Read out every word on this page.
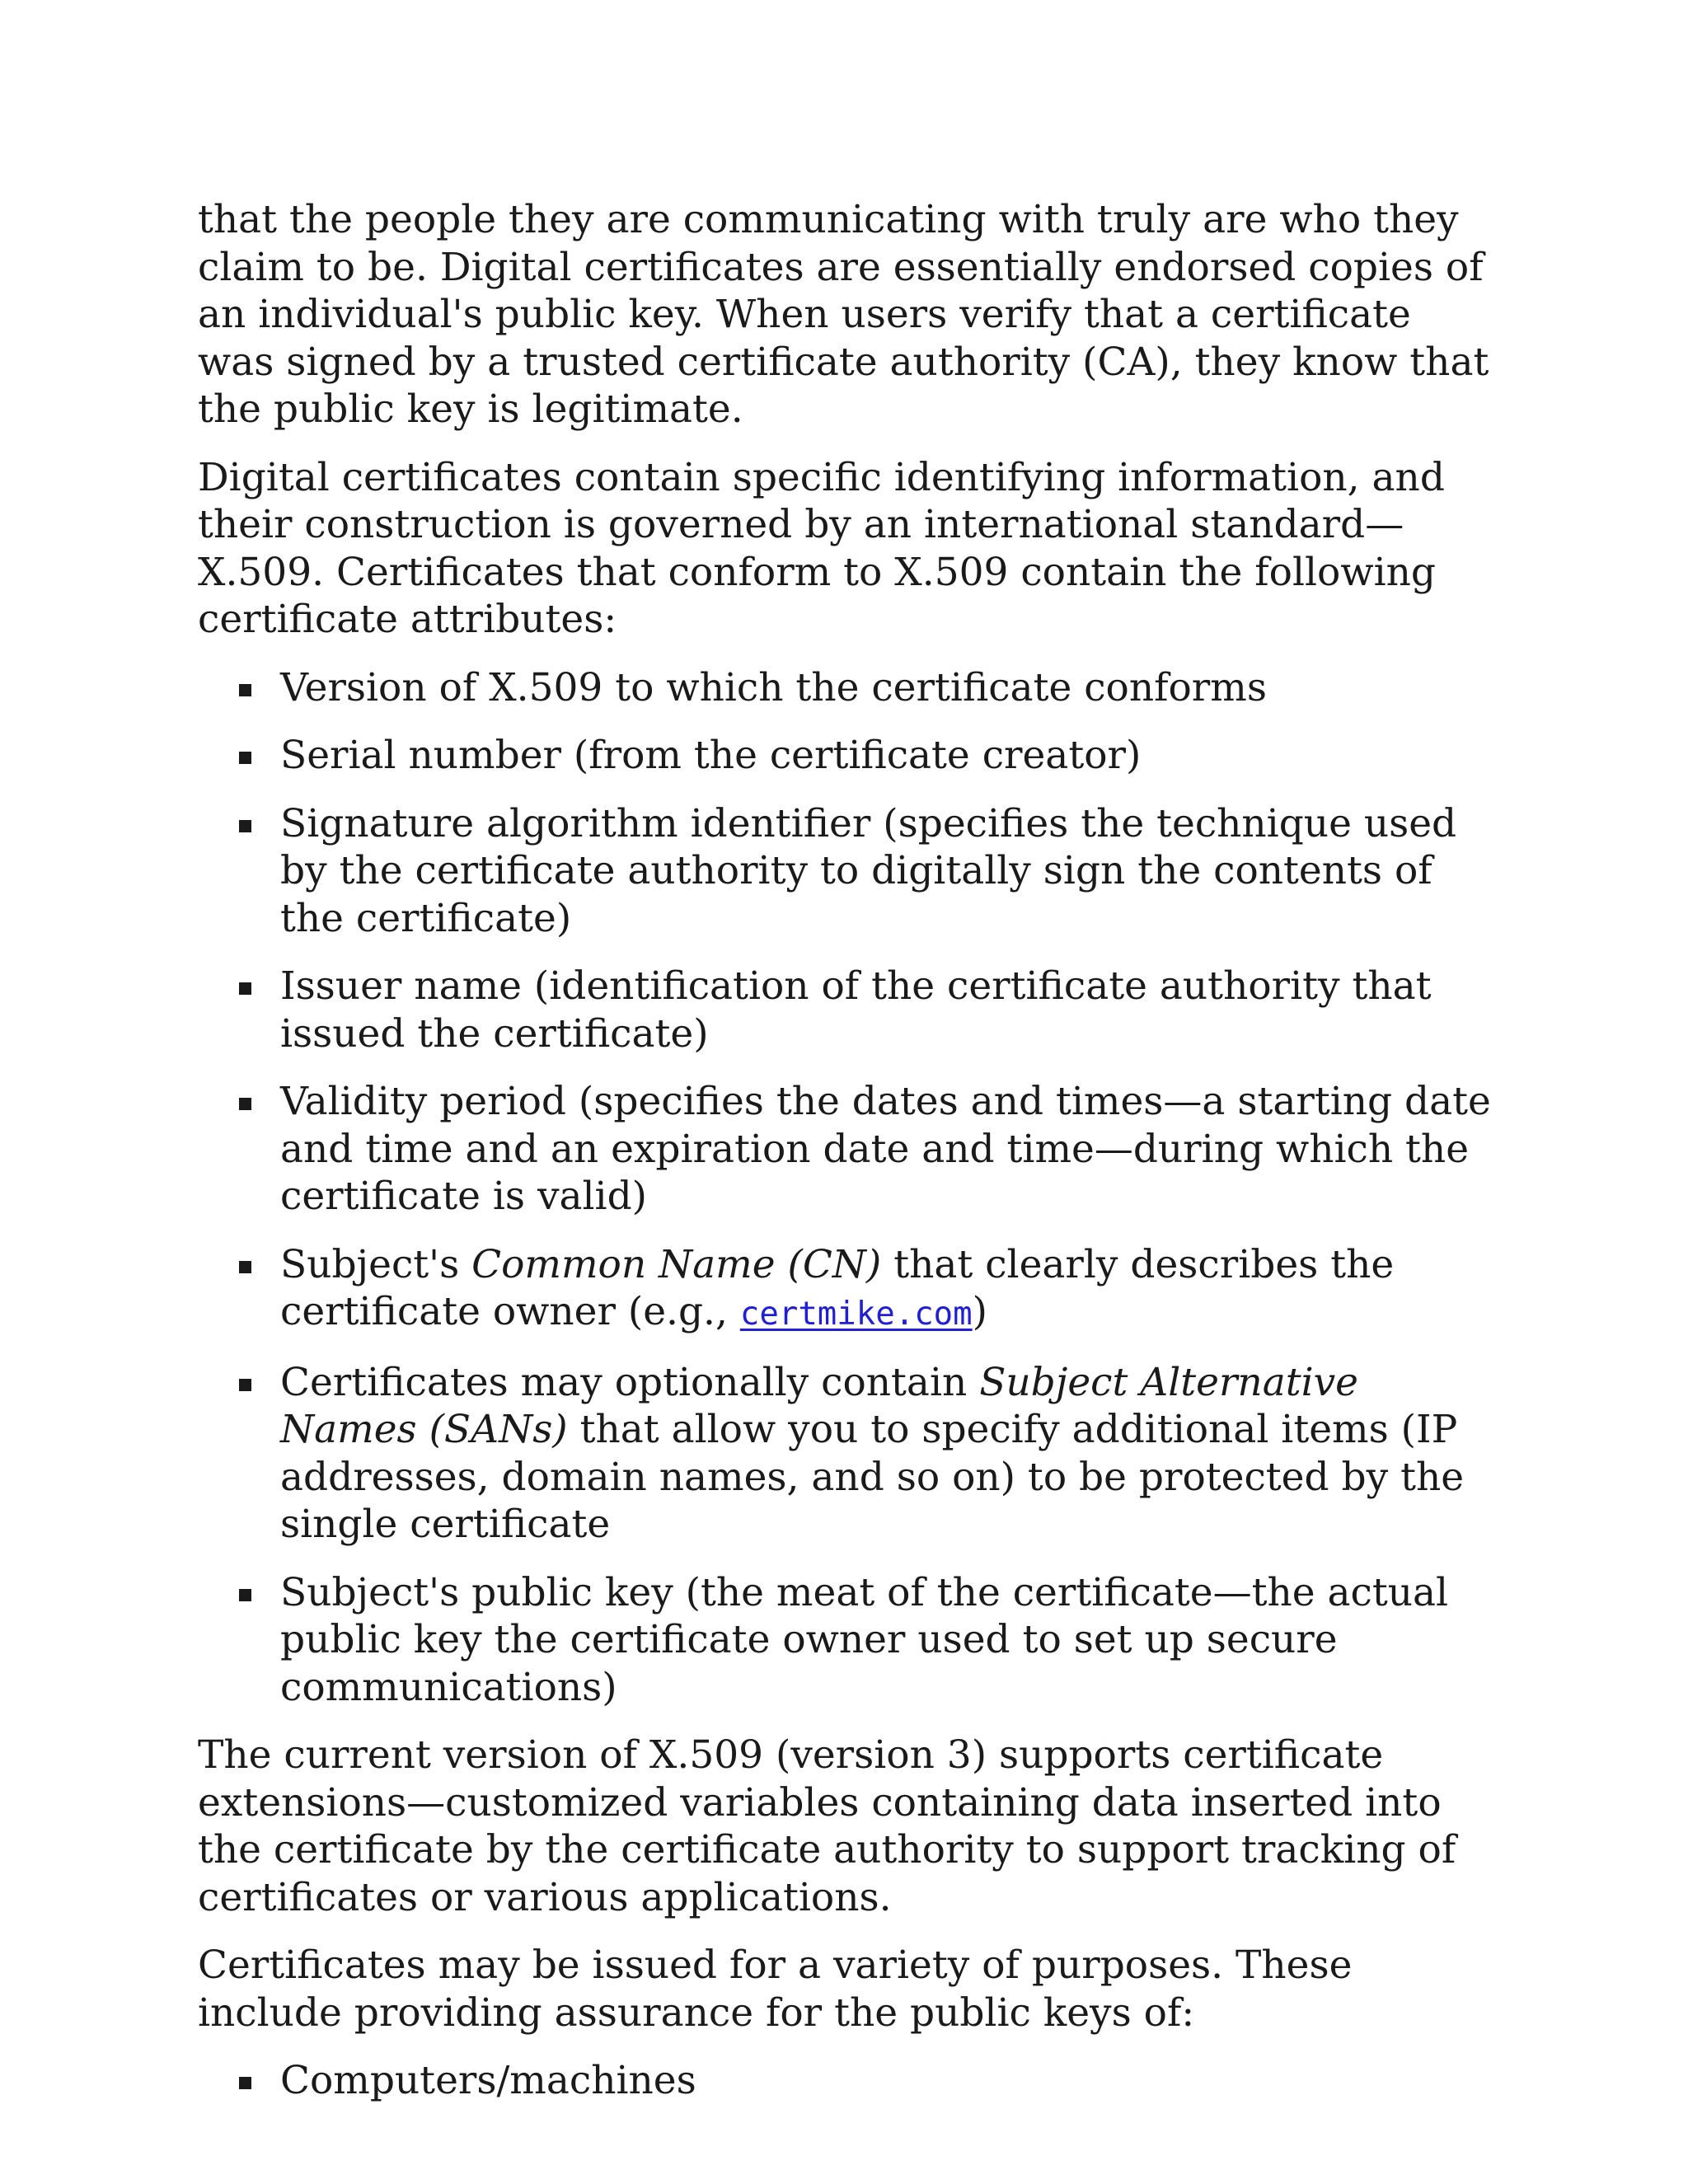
that the people they are communicating with truly are who they claim to be. Digital certificates are essentially endorsed copies of an individual's public key. When users verify that a certificate was signed by a trusted certificate authority (CA), they know that the public key is legitimate.

Digital certificates contain specific identifying information, and their construction is governed by an international standard—X.509. Certificates that conform to X.509 contain the following certificate attributes:

Version of X.509 to which the certificate conforms
Serial number (from the certificate creator)
Signature algorithm identifier (specifies the technique used by the certificate authority to digitally sign the contents of the certificate)
Issuer name (identification of the certificate authority that issued the certificate)
Validity period (specifies the dates and times—a starting date and time and an expiration date and time—during which the certificate is valid)
Subject's Common Name (CN) that clearly describes the certificate owner (e.g., certmike.com)
Certificates may optionally contain Subject Alternative Names (SANs) that allow you to specify additional items (IP addresses, domain names, and so on) to be protected by the single certificate
Subject's public key (the meat of the certificate—the actual public key the certificate owner used to set up secure communications)

The current version of X.509 (version 3) supports certificate extensions—customized variables containing data inserted into the certificate by the certificate authority to support tracking of certificates or various applications.

Certificates may be issued for a variety of purposes. These include providing assurance for the public keys of:

Computers/machines
